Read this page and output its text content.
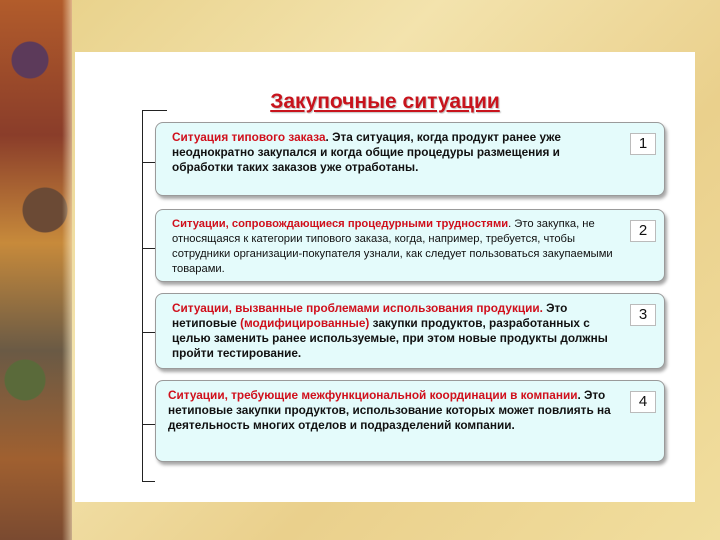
Закупочные ситуации
Ситуация типового заказа. Эта ситуация, когда продукт ранее уже неоднократно закупался и когда общие процедуры размещения и обработки таких заказов уже отработаны.
1
Ситуации, сопровождающиеся процедурными трудностями. Это закупка, не относящаяся к категории типового заказа, когда, например, требуется, чтобы сотрудники организации-покупателя узнали, как следует пользоваться закупаемыми товарами.
2
Ситуации, вызванные проблемами использования продукции. Это нетиповые (модифицированные) закупки продуктов, разработанных с целью заменить ранее используемые, при этом новые продукты должны пройти тестирование.
3
Ситуации, требующие межфункциональной координации в компании. Это нетиповые закупки продуктов, использование которых может повлиять на деятельность многих отделов и подразделений компании.
4
